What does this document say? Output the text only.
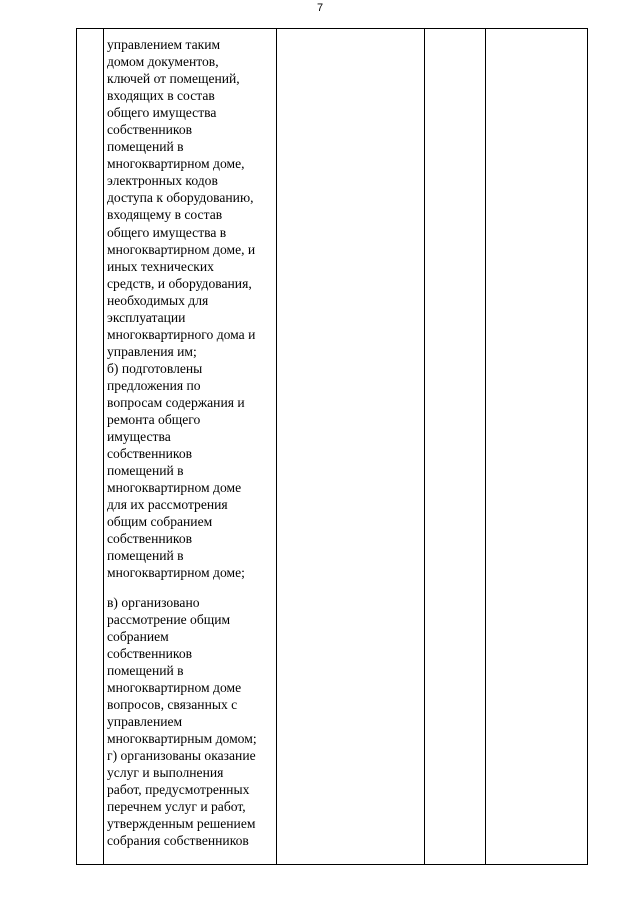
7

управлением таким
домом документов,
ключей от помещений,
входящих в состав
общего имущества
собственников
помещений в
многоквартирном доме,
электронных кодов
доступа к оборудованию,
входящему в состав
общего имущества в
многоквартирном доме, и
иных технических
средств, и оборудования,
необходимых для
эксплуатации
многоквартирного дома и
управления им;

б) подготовлены
предложения по
вопросам содержания и
ремонта общего
имущества
собственников
помещений в
многоквартирном доме
для их рассмотрения
общим собранием
собственников
помещений в
многоквартирном доме;

в) организовано
рассмотрение общим
собранием
собственников
помещений в
многоквартирном доме
вопросов, связанных с
управлением
многоквартирным домом;

г) организованы оказание
услуг и выполнения
работ, предусмотренных
перечнем услуг и работ,
утвержденным решением
собрания собственников
